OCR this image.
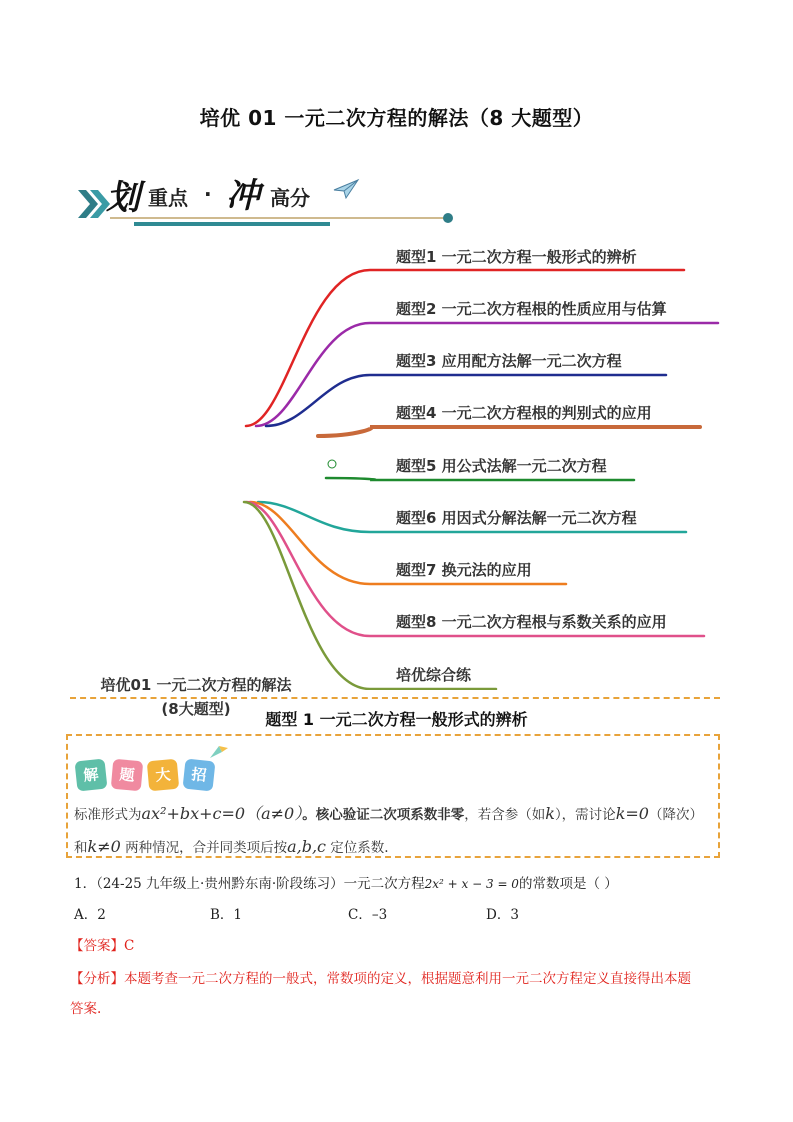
培优 01 一元二次方程的解法（8 大题型）
划 重点 · 冲 高分
培优01 一元二次方程的解法
(8大题型)
题型1 一元二次方程一般形式的辨析
题型2 一元二次方程根的性质应用与估算
题型3 应用配方法解一元二次方程
题型4 一元二次方程根的判别式的应用
题型5 用公式法解一元二次方程
题型6 用因式分解法解一元二次方程
题型7 换元法的应用
题型8 一元二次方程根与系数关系的应用
培优综合练
题型 1 一元二次方程一般形式的辨析
解	题	大	招
标准形式为ax²+bx+c=0（a≠0）。核心验证二次项系数非零，若含参（如k），需讨论k=0（降次）
和k≠0 两种情况，合并同类项后按a,b,c 定位系数.
1．（24-25 九年级上·贵州黔东南·阶段练习）一元二次方程2x² + x − 3 = 0的常数项是（ ）
A．2	B．1	C．–3	D．3
【答案】C
【分析】本题考查一元二次方程的一般式，常数项的定义，根据题意利用一元二次方程定义直接得出本题
答案.
